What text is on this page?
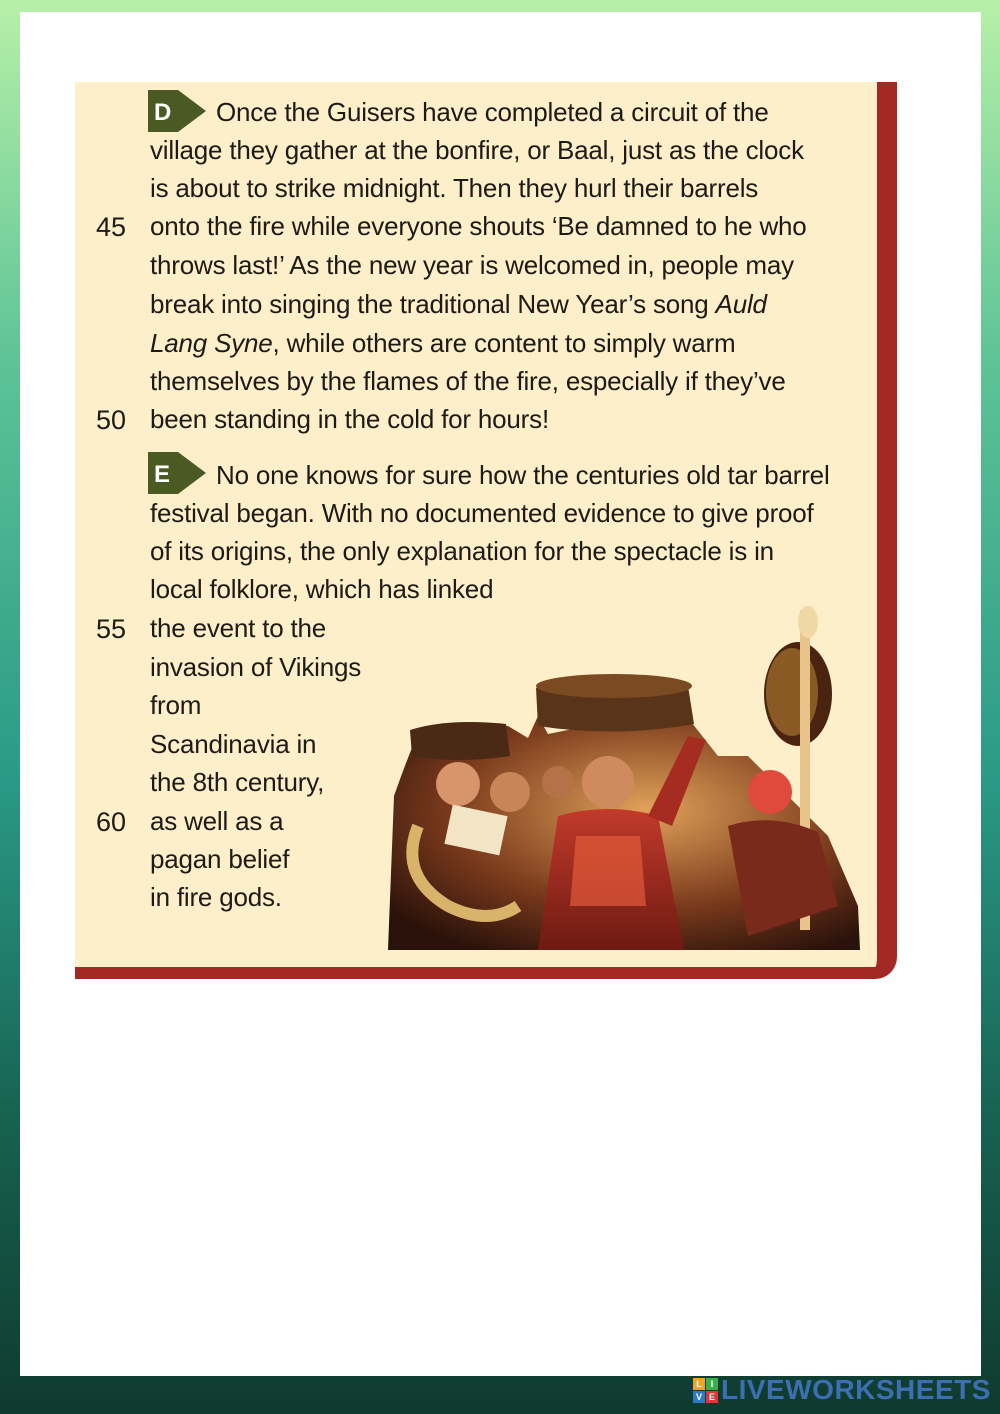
D Once the Guisers have completed a circuit of the
village they gather at the bonfire, or Baal, just as the clock
is about to strike midnight. Then they hurl their barrels
45 onto the fire while everyone shouts ‘Be damned to he who
throws last!’ As the new year is welcomed in, people may
break into singing the traditional New Year’s song Auld
Lang Syne, while others are content to simply warm
themselves by the flames of the fire, especially if they’ve
50 been standing in the cold for hours!
E No one knows for sure how the centuries old tar barrel
festival began. With no documented evidence to give proof
of its origins, the only explanation for the spectacle is in
local folklore, which has linked
55 the event to the
invasion of Vikings
from
Scandinavia in
the 8th century,
60 as well as a
pagan belief
in fire gods.
L I
V E LIVEWORKSHEETS
